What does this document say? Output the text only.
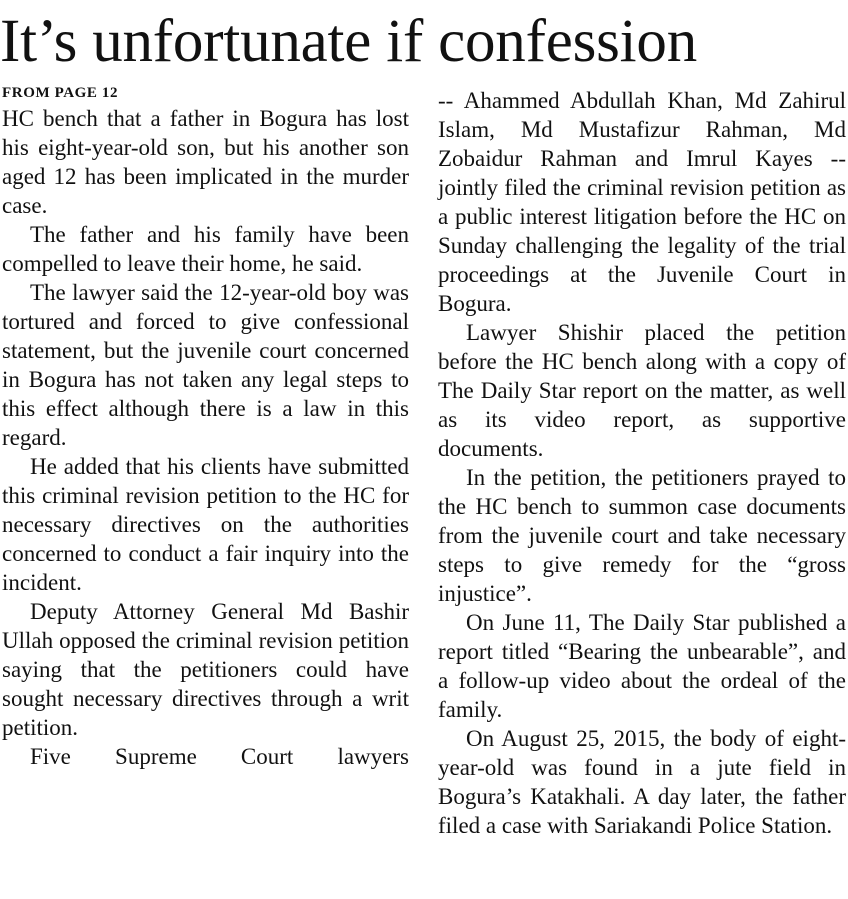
It’s unfortunate if confession

FROM PAGE 12

HC bench that a father in Bogura has lost his eight-year-old son, but his another son aged 12 has been implicated in the murder case.

The father and his family have been compelled to leave their home, he said.

The lawyer said the 12-year-old boy was tortured and forced to give confessional statement, but the juvenile court concerned in Bogura has not taken any legal steps to this effect although there is a law in this regard.

He added that his clients have submitted this criminal revision petition to the HC for necessary directives on the authorities concerned to conduct a fair inquiry into the incident.

Deputy Attorney General Md Bashir Ullah opposed the criminal revision petition saying that the petitioners could have sought necessary directives through a writ petition.

Five Supreme Court lawyers

-- Ahammed Abdullah Khan, Md Zahirul Islam, Md Mustafizur Rahman, Md Zobaidur Rahman and Imrul Kayes -- jointly filed the criminal revision petition as a public interest litigation before the HC on Sunday challenging the legality of the trial proceedings at the Juvenile Court in Bogura.

Lawyer Shishir placed the petition before the HC bench along with a copy of The Daily Star report on the matter, as well as its video report, as supportive documents.

In the petition, the petitioners prayed to the HC bench to summon case documents from the juvenile court and take necessary steps to give remedy for the “gross injustice”.

On June 11, The Daily Star published a report titled “Bearing the unbearable”, and a follow-up video about the ordeal of the family.

On August 25, 2015, the body of eight-year-old was found in a jute field in Bogura’s Katakhali. A day later, the father filed a case with Sariakandi Police Station.
